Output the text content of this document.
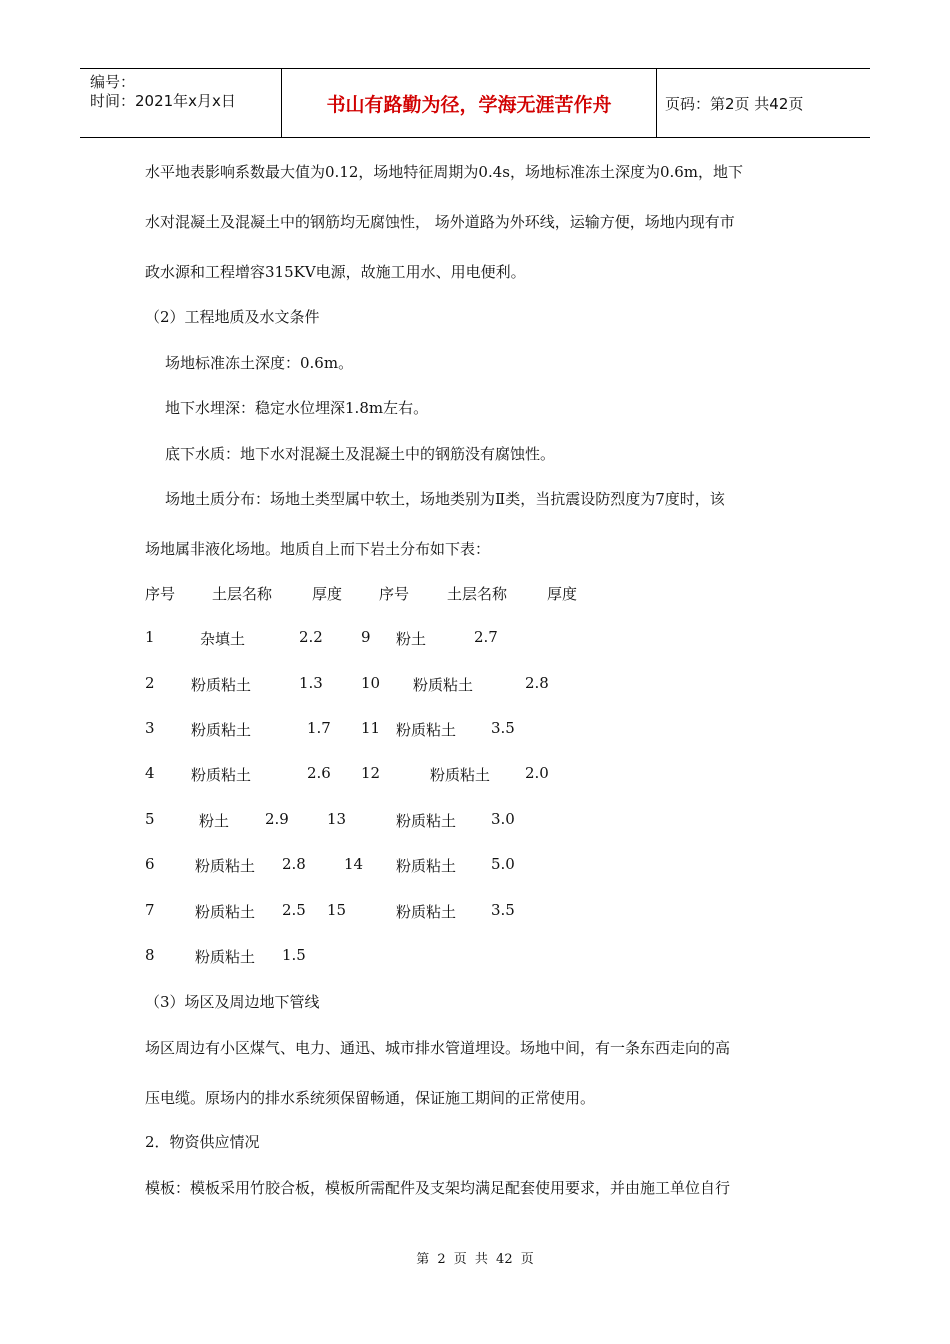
编号：
时间：2021年x月x日	书山有路勤为径，学海无涯苦作舟	页码：第2页 共42页
水平地表影响系数最大值为0.12，场地特征周期为0.4s，场地标准冻土深度为0.6m，地下
水对混凝土及混凝土中的钢筋均无腐蚀性， 场外道路为外环线，运输方便，场地内现有市
政水源和工程增容315KV电源，故施工用水、用电便利。
（2）工程地质及水文条件
场地标准冻土深度：0.6m。
地下水埋深：稳定水位埋深1.8m左右。
底下水质：地下水对混凝土及混凝土中的钢筋没有腐蚀性。
场地土质分布：场地土类型属中软土，场地类别为Ⅱ类，当抗震设防烈度为7度时，该
场地属非液化场地。地质自上而下岩土分布如下表：
序号 土层名称	厚度 序号	土层名称	厚度
1	杂填土	2.2	9 粉土	2.7
2 粉质粘土	1.3	10 粉质粘土	2.8
3 粉质粘土	1.7 11 粉质粘土 3.5
4 粉质粘土	2.6 12	粉质粘土 2.0
5	粉土 2.9	13	粉质粘土 3.0
6	粉质粘土 2.8	14 粉质粘土 5.0
7	粉质粘土 2.5 15	粉质粘土 3.5
8	粉质粘土 1.5
（3）场区及周边地下管线
场区周边有小区煤气、电力、通迅、城市排水管道埋设。场地中间，有一条东西走向的高
压电缆。原场内的排水系统须保留畅通，保证施工期间的正常使用。
2．物资供应情况
模板：模板采用竹胶合板，模板所需配件及支架均满足配套使用要求，并由施工单位自行
第 2 页 共 42 页
